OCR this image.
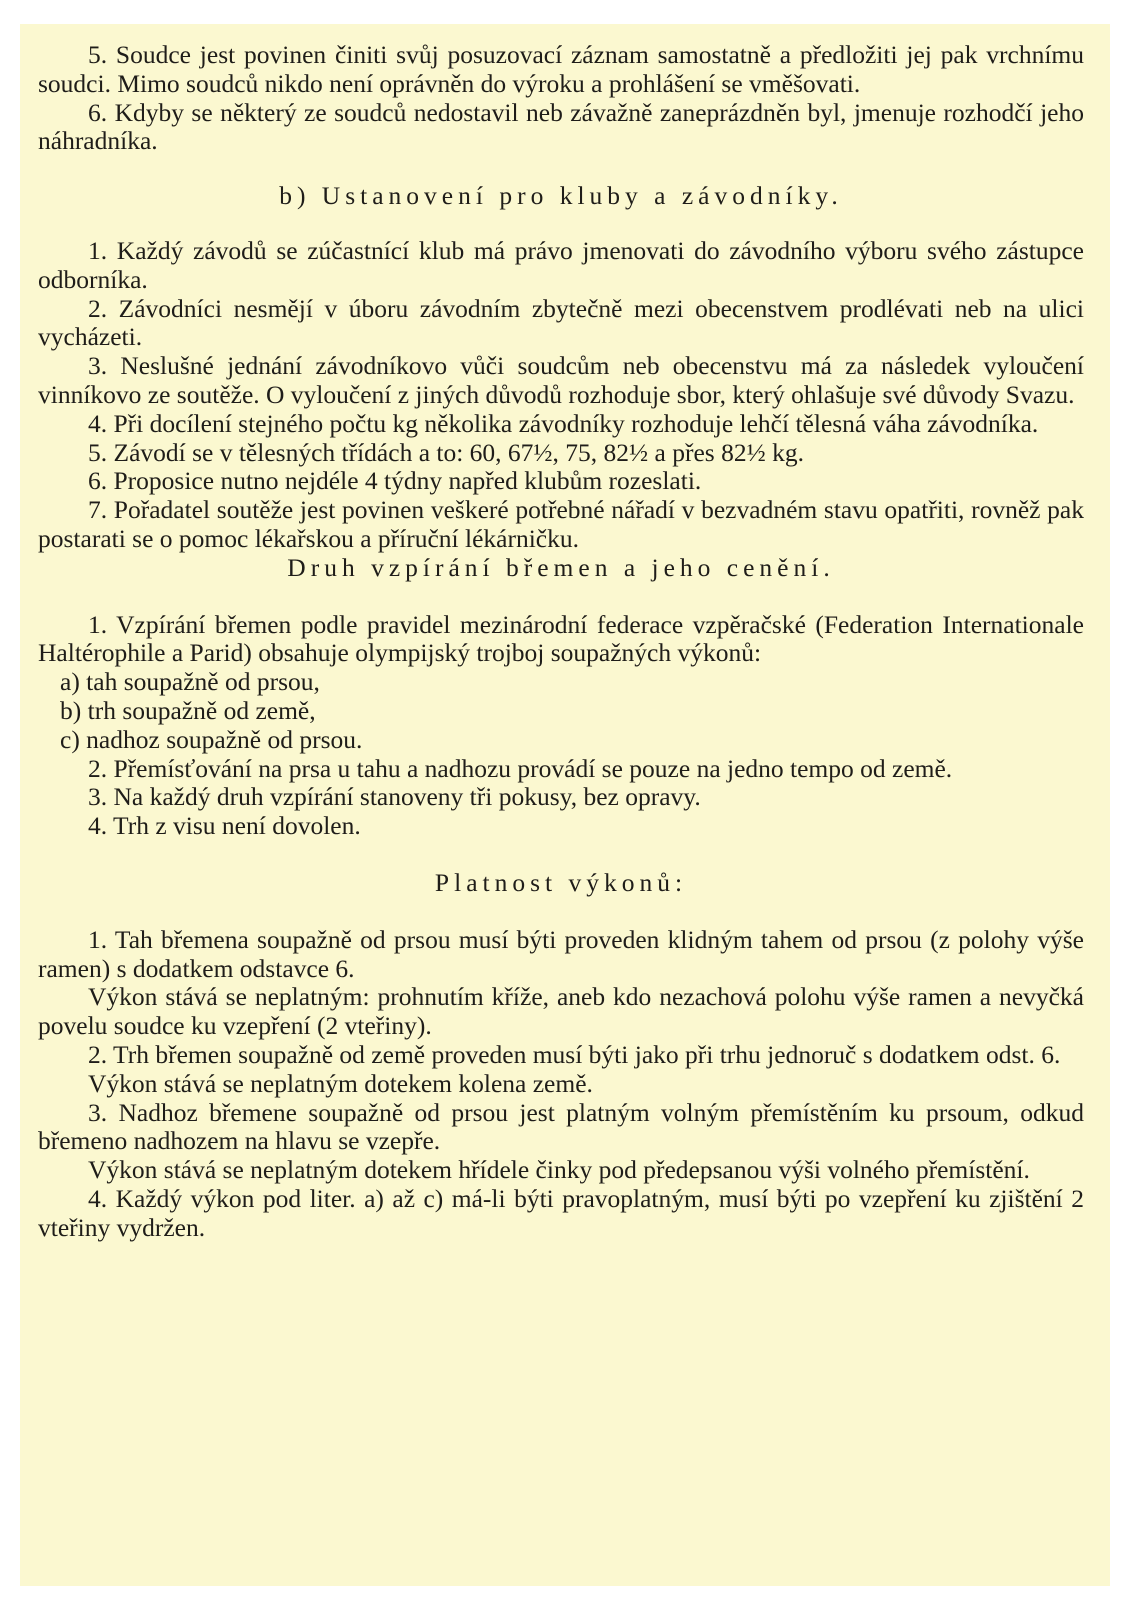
5. Soudce jest povinen činiti svůj posuzovací záznam samostatně a předložiti jej pak vrchnímu soudci. Mimo soudců nikdo není oprávněn do výroku a prohlášení se vměšovati.

6. Kdyby se některý ze soudců nedostavil neb závažně zaneprázdněn byl, jmenuje rozhodčí jeho náhradníka.

b) Ustanovení pro kluby a závodníky.

1. Každý závodů se zúčastnící klub má právo jmenovati do závodního výboru svého zástupce odborníka.

2. Závodníci nesmějí v úboru závodním zbytečně mezi obecenstvem prodlévati neb na ulici vycházeti.

3. Neslušné jednání závodníkovo vůči soudcům neb obecenstvu má za následek vyloučení vinníkovo ze soutěže. O vyloučení z jiných důvodů rozhoduje sbor, který ohlašuje své důvody Svazu.

4. Při docílení stejného počtu kg několika závodníky rozhoduje lehčí tělesná váha závodníka.

5. Závodí se v tělesných třídách a to: 60, 67½, 75, 82½ a přes 82½ kg.

6. Proposice nutno nejdéle 4 týdny napřed klubům rozeslati.

7. Pořadatel soutěže jest povinen veškeré potřebné nářadí v bezvadném stavu opatřiti, rovněž pak postarati se o pomoc lékařskou a příruční lékárničku.

Druh vzpírání břemen a jeho cenění.

1. Vzpírání břemen podle pravidel mezinárodní federace vzpěračské (Federation Internationale Haltérophile a Parid) obsahuje olympijský trojboj soupažných výkonů:

a) tah soupažně od prsou,
b) trh soupažně od země,
c) nadhoz soupažně od prsou.

2. Přemísťování na prsa u tahu a nadhozu provádí se pouze na jedno tempo od země.

3. Na každý druh vzpírání stanoveny tři pokusy, bez opravy.

4. Trh z visu není dovolen.

Platnost výkonů:

1. Tah břemena soupažně od prsou musí býti proveden klidným tahem od prsou (z polohy výše ramen) s dodatkem odstavce 6.

Výkon stává se neplatným: prohnutím kříže, aneb kdo nezachová polohu výše ramen a nevyčká povelu soudce ku vzepření (2 vteřiny).

2. Trh břemen soupažně od země proveden musí býti jako při trhu jednoruč s dodatkem odst. 6.

Výkon stává se neplatným dotekem kolena země.

3. Nadhoz břemene soupažně od prsou jest platným volným přemístěním ku prsoum, odkud břemeno nadhozem na hlavu se vzepře.

Výkon stává se neplatným dotekem hřídele činky pod předepsanou výši volného přemístění.

4. Každý výkon pod liter. a) až c) má-li býti pravoplatným, musí býti po vzepření ku zjištění 2 vteřiny vydržen.
